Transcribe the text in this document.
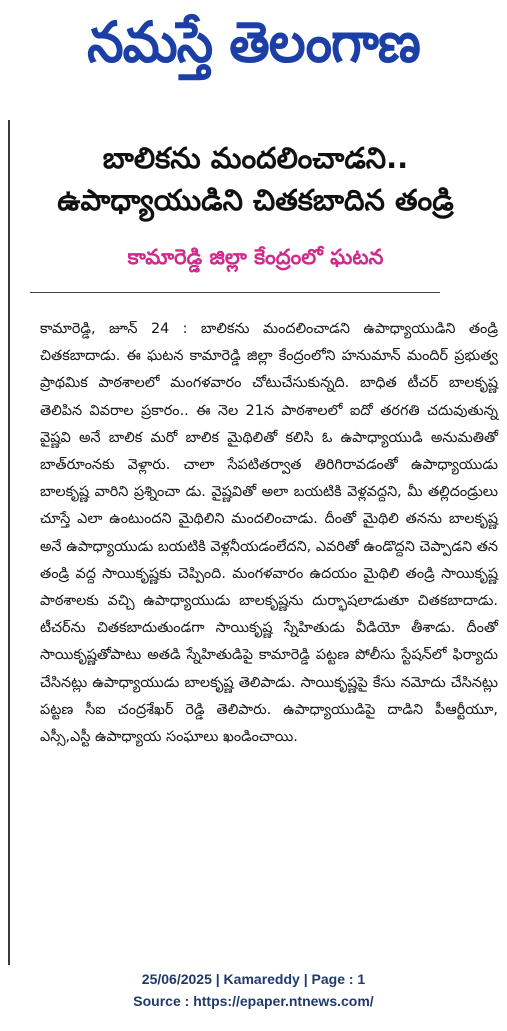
నమస్తే తెలంగాణ
బాలికను మందలించాడని..
ఉపాధ్యాయుడిని చితకబాదిన తండ్రి
కామారెడ్డి జిల్లా కేంద్రంలో ఘటన

కామారెడ్డి, జూన్ 24 : బాలికను మందలించాడని ఉపాధ్యాయుడిని తండ్రి చితకబాదాడు. ఈ ఘటన కామారెడ్డి జిల్లా కేంద్రంలోని హనుమాన్ మందిర్ ప్రభుత్వ ప్రాథమిక పాఠశాలలో మంగళవారం చోటుచేసుకున్నది. బాధిత టీచర్ బాలకృష్ణ తెలిపిన వివరాల ప్రకారం.. ఈ నెల 21న పాఠశాలలో ఐదో తరగతి చదువుతున్న వైష్ణవి అనే బాలిక మరో బాలిక మైథిలితో కలిసి ఓ ఉపాధ్యాయుడి అనుమతితో బాత్‌రూంనకు వెళ్లారు. చాలా సేపటితర్వాత తిరిగిరావడంతో ఉపాధ్యాయుడు బాలకృష్ణ వారిని ప్రశ్నించా డు. వైష్ణవితో అలా బయటికి వెళ్లవద్దని, మీ తల్లిదండ్రులు చూస్తే ఎలా ఉంటుందని మైథిలిని మందలించాడు. దీంతో మైథిలి తనను బాలకృష్ణ అనే ఉపాధ్యాయుడు బయటికి వెళ్లనీయడంలేదని, ఎవరితో ఉండొద్దని చెప్పాడని తన తండ్రి వద్ద సాయికృష్ణకు చెప్పింది. మంగళవారం ఉదయం మైథిలి తండ్రి సాయికృష్ణ పాఠశాలకు వచ్చి ఉపాధ్యాయుడు బాలకృష్ణను దుర్భాషలాడుతూ చితకబాదాడు. టీచర్‌ను చితకబాదుతుండగా సాయికృష్ణ స్నేహితుడు వీడియో తీశాడు. దీంతో సాయికృష్ణతోపాటు అతడి స్నేహితుడిపై కామారెడ్డి పట్టణ పోలీసు స్టేషన్‌లో ఫిర్యాదు చేసినట్లు ఉపాధ్యాయుడు బాలకృష్ణ తెలిపాడు. సాయికృష్ణపై కేసు నమోదు చేసినట్లు పట్టణ సీఐ చంద్రశేఖర్ రెడ్డి తెలిపారు. ఉపాధ్యాయుడిపై దాడిని పీఆర్టీయూ, ఎస్సీ,ఎస్టీ ఉపాధ్యాయ సంఘాలు ఖండించాయి.

25/06/2025 | Kamareddy | Page : 1
Source : https://epaper.ntnews.com/
